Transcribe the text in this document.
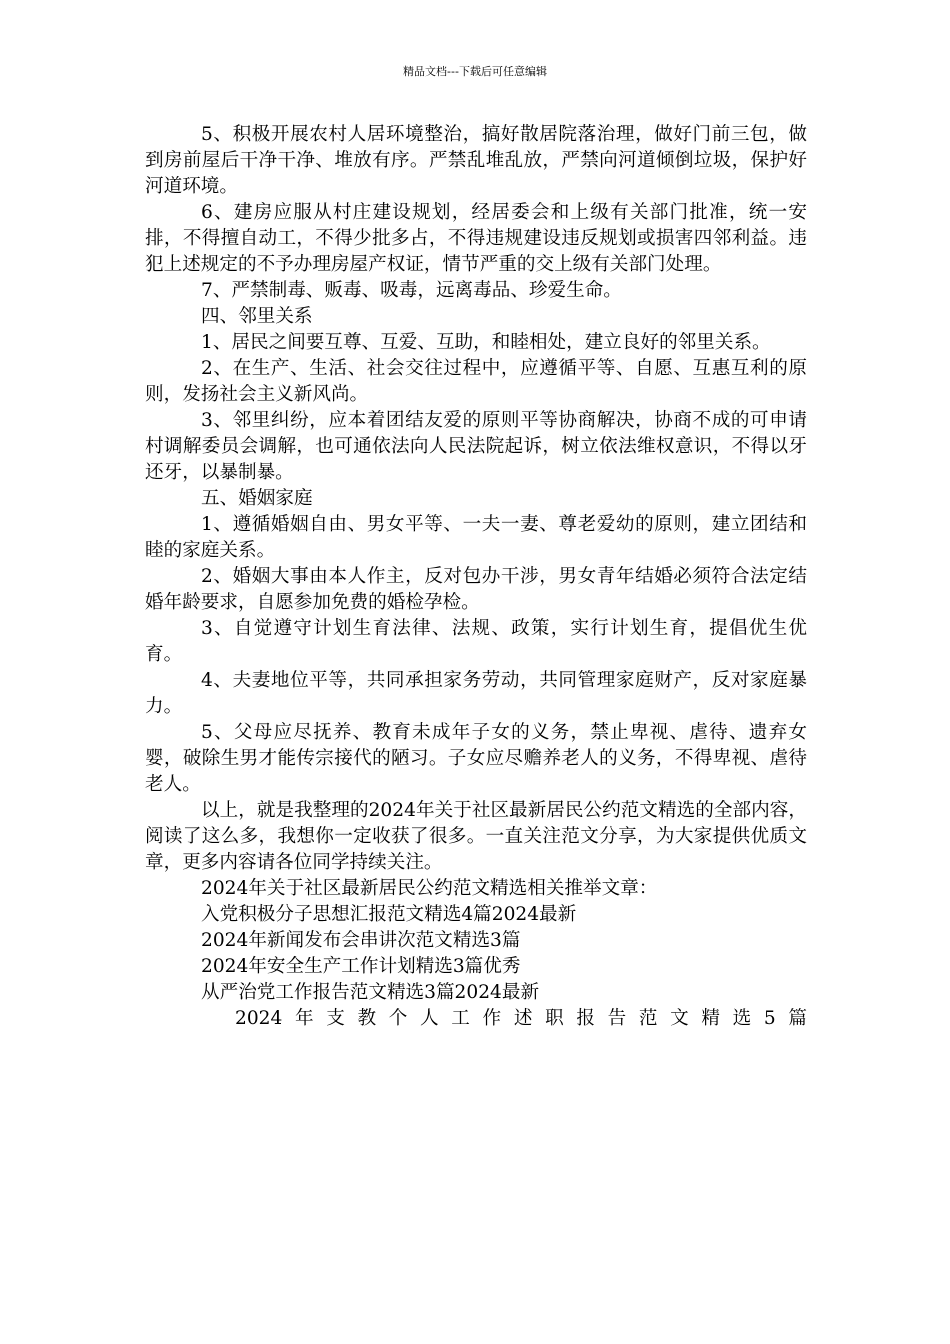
精品文档---下载后可任意编辑

5、积极开展农村人居环境整治，搞好散居院落治理，做好门前三包，做到房前屋后干净干净、堆放有序。严禁乱堆乱放，严禁向河道倾倒垃圾，保护好河道环境。

6、建房应服从村庄建设规划，经居委会和上级有关部门批准，统一安排，不得擅自动工，不得少批多占，不得违规建设违反规划或损害四邻利益。违犯上述规定的不予办理房屋产权证，情节严重的交上级有关部门处理。

7、严禁制毒、贩毒、吸毒，远离毒品、珍爱生命。

四、邻里关系

1、居民之间要互尊、互爱、互助，和睦相处，建立良好的邻里关系。

2、在生产、生活、社会交往过程中，应遵循平等、自愿、互惠互利的原则，发扬社会主义新风尚。

3、邻里纠纷，应本着团结友爱的原则平等协商解决，协商不成的可申请村调解委员会调解，也可通依法向人民法院起诉，树立依法维权意识，不得以牙还牙，以暴制暴。

五、婚姻家庭

1、遵循婚姻自由、男女平等、一夫一妻、尊老爱幼的原则，建立团结和睦的家庭关系。

2、婚姻大事由本人作主，反对包办干涉，男女青年结婚必须符合法定结婚年龄要求，自愿参加免费的婚检孕检。

3、自觉遵守计划生育法律、法规、政策，实行计划生育，提倡优生优育。

4、夫妻地位平等，共同承担家务劳动，共同管理家庭财产，反对家庭暴力。

5、父母应尽抚养、教育未成年子女的义务，禁止卑视、虐待、遗弃女婴，破除生男才能传宗接代的陋习。子女应尽赡养老人的义务，不得卑视、虐待老人。

以上，就是我整理的2024年关于社区最新居民公约范文精选的全部内容，阅读了这么多，我想你一定收获了很多。一直关注范文分享，为大家提供优质文章，更多内容请各位同学持续关注。

2024年关于社区最新居民公约范文精选相关推举文章：

入党积极分子思想汇报范文精选4篇2024最新

2024年新闻发布会串讲次范文精选3篇

2024年安全生产工作计划精选3篇优秀

从严治党工作报告范文精选3篇2024最新

2024年支教个人工作述职报告范文精选5篇
